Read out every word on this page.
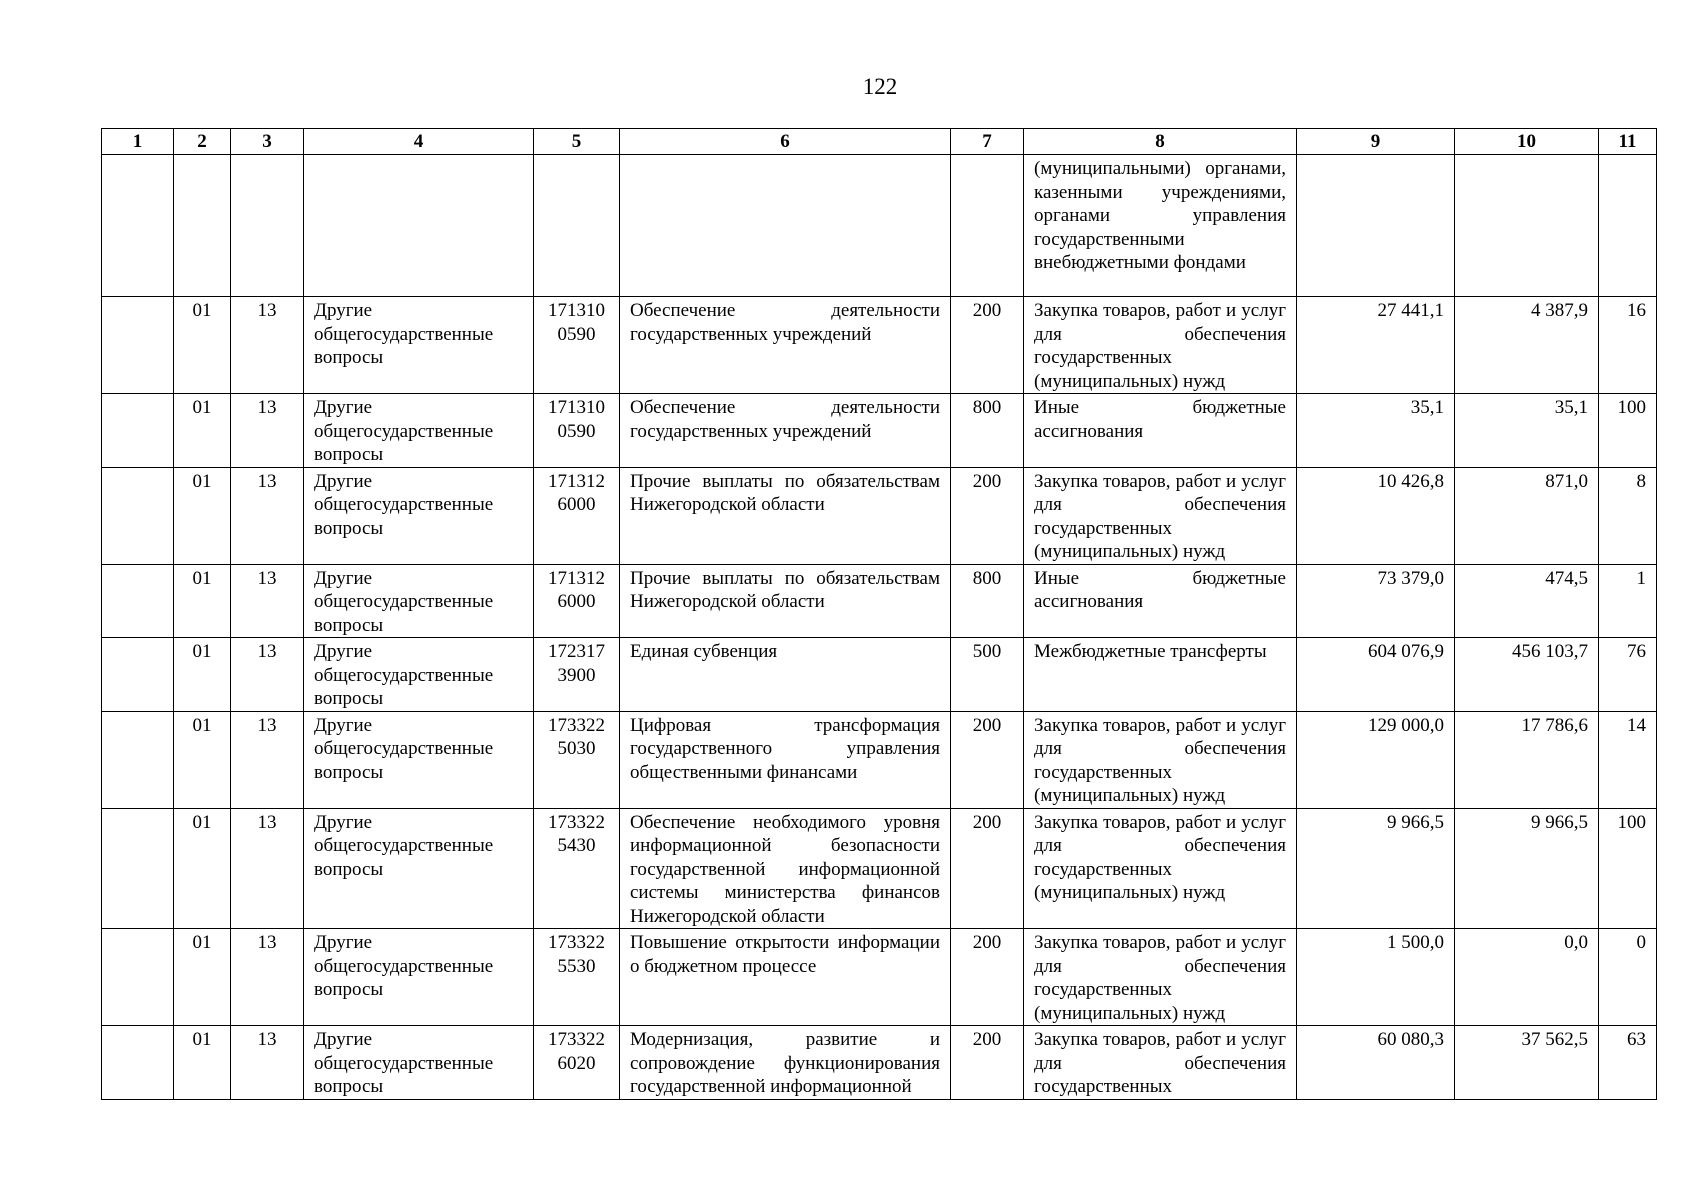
122
1	2	3	4	5	6	7	8	9	10	11
							(муниципальными) органами, казенными учреждениями, органами управления государственными внебюджетными фондами			
	01	13	Другие общегосударственные вопросы	1713100590	Обеспечение деятельности государственных учреждений	200	Закупка товаров, работ и услуг для обеспечения государственных (муниципальных) нужд	27 441,1	4 387,9	16
	01	13	Другие общегосударственные вопросы	1713100590	Обеспечение деятельности государственных учреждений	800	Иные бюджетные ассигнования	35,1	35,1	100
	01	13	Другие общегосударственные вопросы	1713126000	Прочие выплаты по обязательствам Нижегородской области	200	Закупка товаров, работ и услуг для обеспечения государственных (муниципальных) нужд	10 426,8	871,0	8
	01	13	Другие общегосударственные вопросы	1713126000	Прочие выплаты по обязательствам Нижегородской области	800	Иные бюджетные ассигнования	73 379,0	474,5	1
	01	13	Другие общегосударственные вопросы	1723173900	Единая субвенция	500	Межбюджетные трансферты	604 076,9	456 103,7	76
	01	13	Другие общегосударственные вопросы	1733225030	Цифровая трансформация государственного управления общественными финансами	200	Закупка товаров, работ и услуг для обеспечения государственных (муниципальных) нужд	129 000,0	17 786,6	14
	01	13	Другие общегосударственные вопросы	1733225430	Обеспечение необходимого уровня информационной безопасности государственной информационной системы министерства финансов Нижегородской области	200	Закупка товаров, работ и услуг для обеспечения государственных (муниципальных) нужд	9 966,5	9 966,5	100
	01	13	Другие общегосударственные вопросы	1733225530	Повышение открытости информации о бюджетном процессе	200	Закупка товаров, работ и услуг для обеспечения государственных (муниципальных) нужд	1 500,0	0,0	0
	01	13	Другие общегосударственные вопросы	1733226020	Модернизация, развитие и сопровождение функционирования государственной информационной	200	Закупка товаров, работ и услуг для обеспечения государственных	60 080,3	37 562,5	63
